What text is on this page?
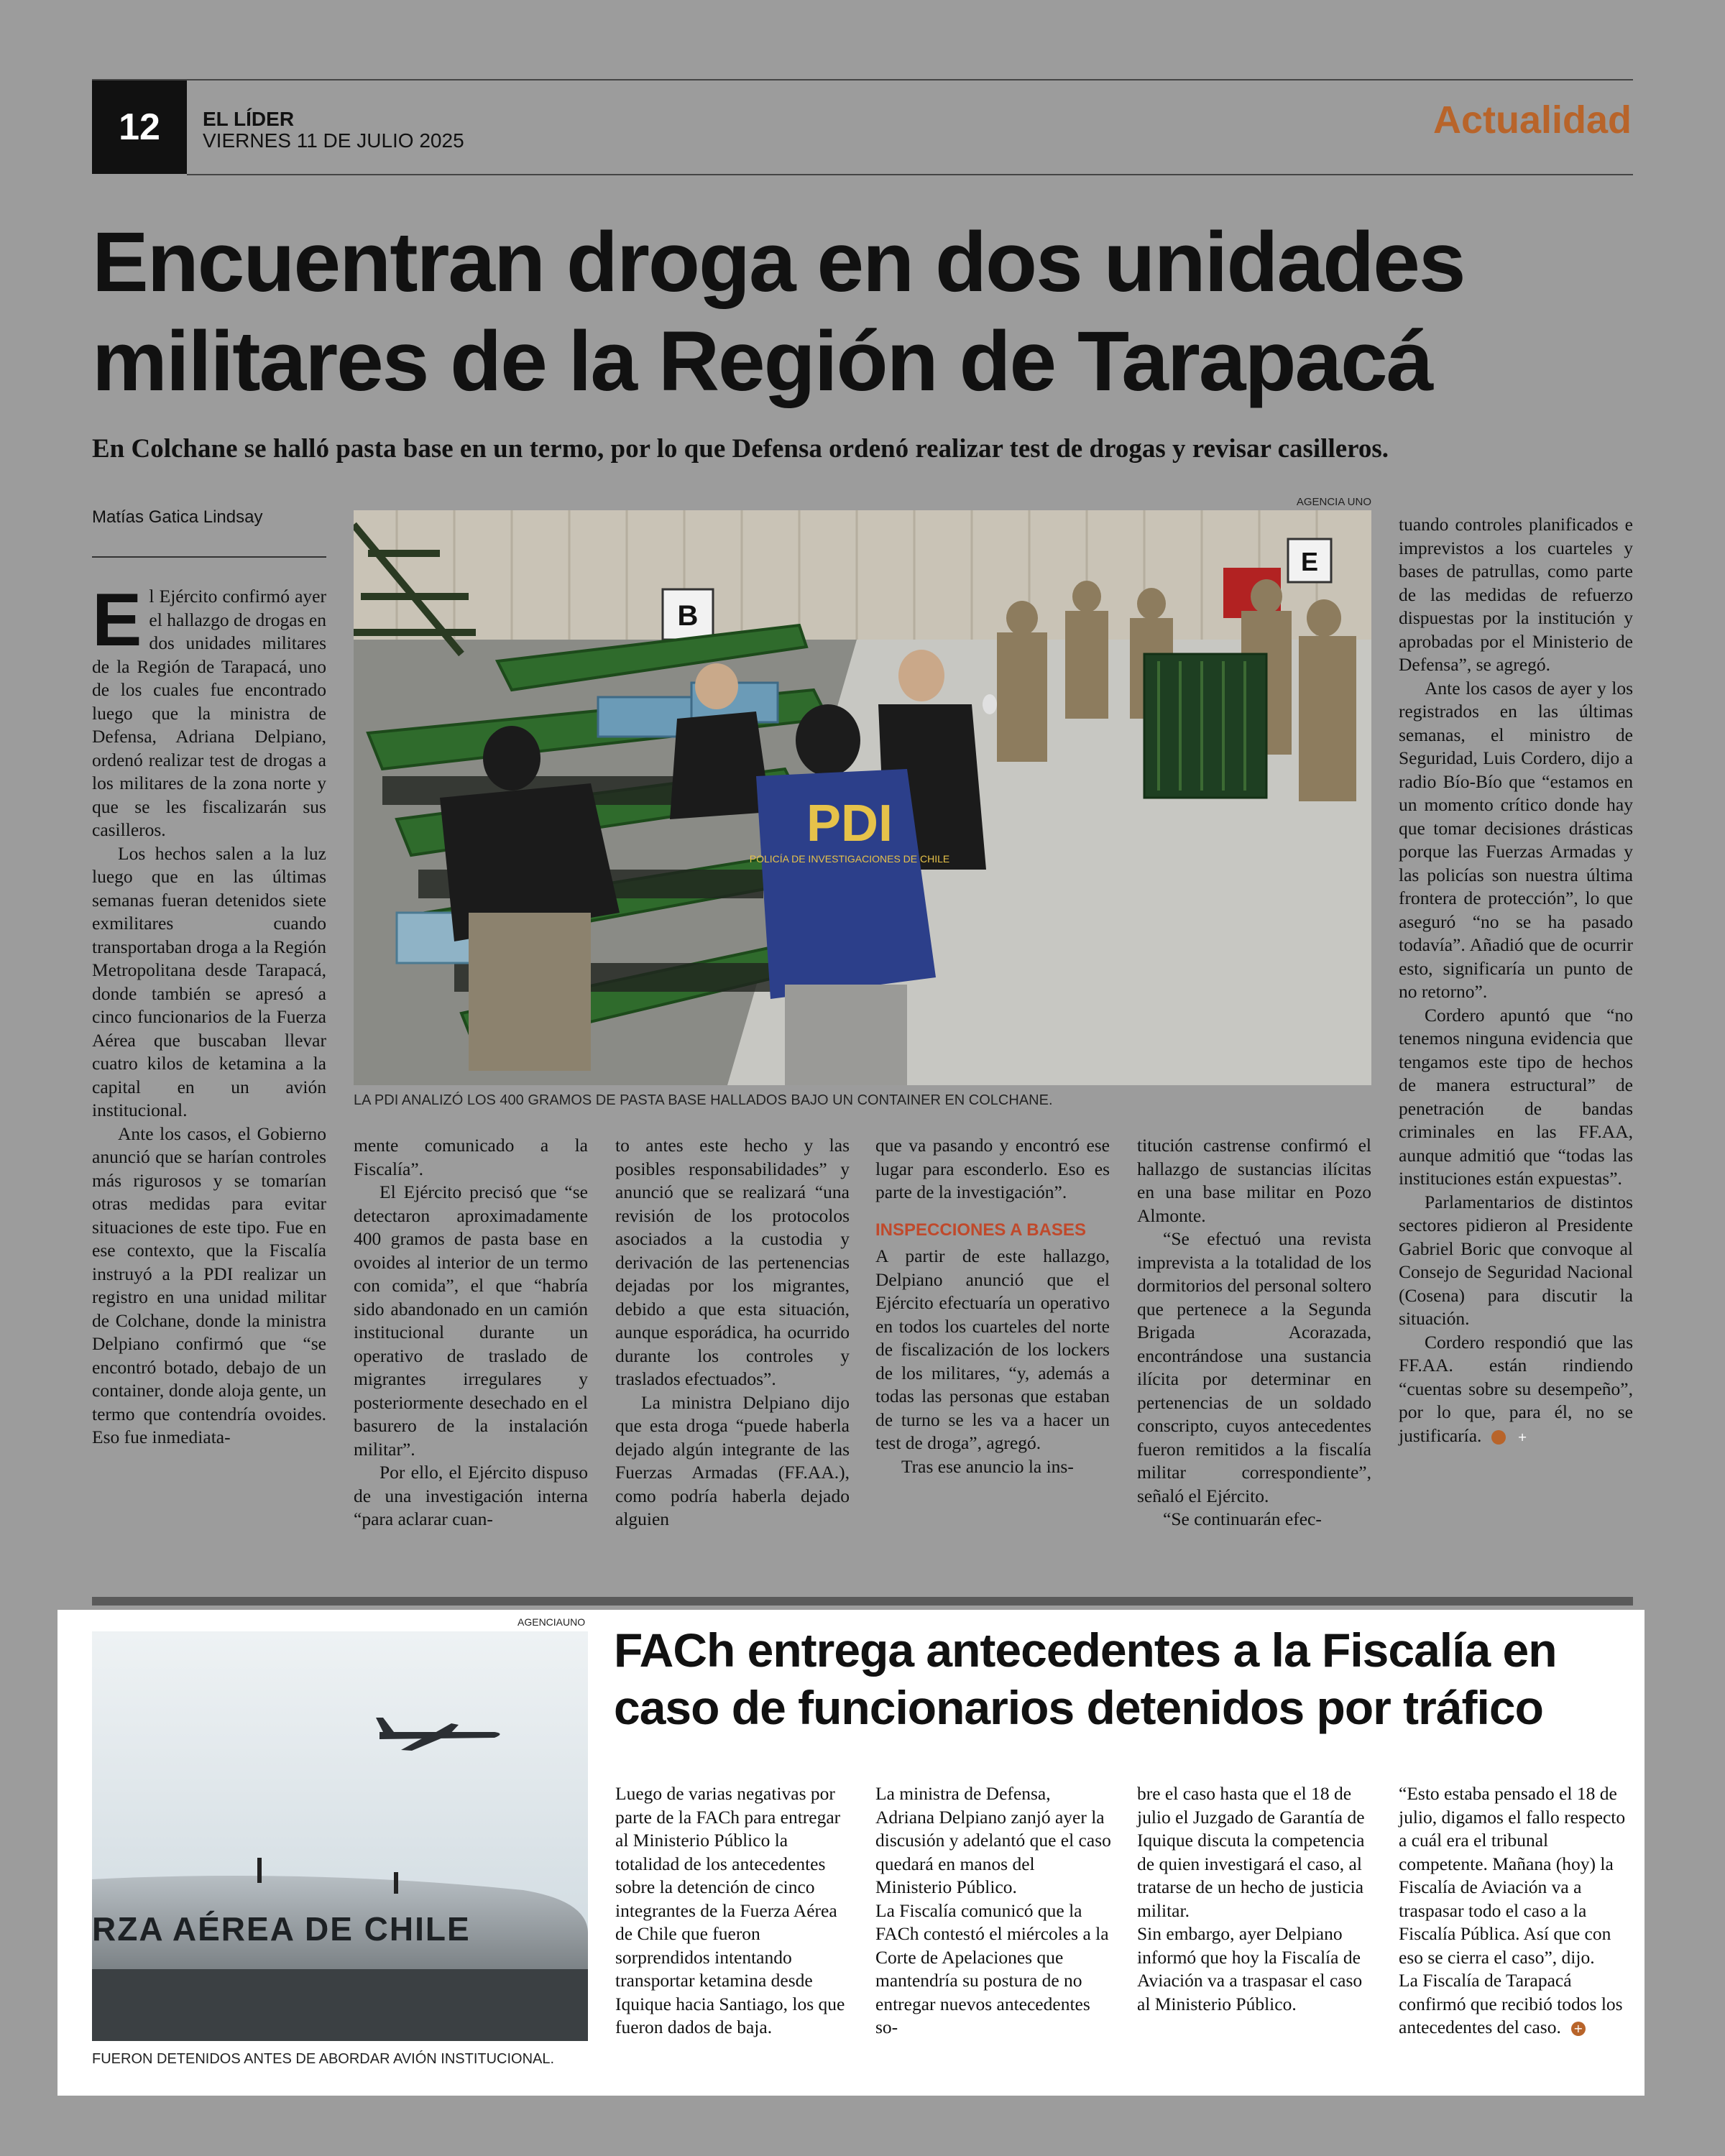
12	EL LÍDER
VIERNES 11 DE JULIO 2025	Actualidad
Encuentran droga en dos unidades
militares de la Región de Tarapacá
En Colchane se halló pasta base en un termo, por lo que Defensa ordenó realizar test de drogas y revisar casilleros.
Matías Gatica Lindsay
AGENCIA UNO
B
E
PDI
POLICÍA DE INVESTIGACIONES DE CHILE
LA PDI ANALIZÓ LOS 400 GRAMOS DE PASTA BASE HALLADOS BAJO UN CONTAINER EN COLCHANE.

El Ejército confirmó ayer el hallazgo de drogas en dos unidades militares de la Región de Tarapacá, uno de los cuales fue encontrado luego que la ministra de Defensa, Adriana Delpiano, ordenó realizar test de drogas a los militares de la zona norte y que se les fiscalizarán sus casilleros.

Los hechos salen a la luz luego que en las últimas semanas fueran detenidos siete exmilitares cuando transportaban droga a la Región Metropolitana desde Tarapacá, donde también se apresó a cinco funcionarios de la Fuerza Aérea que buscaban llevar cuatro kilos de ketamina a la capital en un avión institucional.

Ante los casos, el Gobierno anunció que se harían controles más rigurosos y se tomarían otras medidas para evitar situaciones de este tipo. Fue en ese contexto, que la Fiscalía instruyó a la PDI realizar un registro en una unidad militar de Colchane, donde la ministra Delpiano confirmó que “se encontró botado, debajo de un container, donde aloja gente, un termo que contendría ovoides. Eso fue inmediata-

mente comunicado a la Fiscalía”.

El Ejército precisó que “se detectaron aproximadamente 400 gramos de pasta base en ovoides al interior de un termo con comida”, el que “habría sido abandonado en un camión institucional durante un operativo de traslado de migrantes irregulares y posteriormente desechado en el basurero de la instalación militar”.

Por ello, el Ejército dispuso de una investigación interna “para aclarar cuan-

to antes este hecho y las posibles responsabilidades” y anunció que se realizará “una revisión de los protocolos asociados a la custodia y derivación de las pertenencias dejadas por los migrantes, debido a que esta situación, aunque esporádica, ha ocurrido durante los controles y traslados efectuados”.

La ministra Delpiano dijo que esta droga “puede haberla dejado algún integrante de las Fuerzas Armadas (FF.AA.), como podría haberla dejado alguien

que va pasando y encontró ese lugar para esconderlo. Eso es parte de la investigación”.

INSPECCIONES A BASES

A partir de este hallazgo, Delpiano anunció que el Ejército efectuaría un operativo en todos los cuarteles del norte de fiscalización de los lockers de los militares, “y, además a todas las personas que estaban de turno se les va a hacer un test de droga”, agregó.

Tras ese anuncio la ins-

titución castrense confirmó el hallazgo de sustancias ilícitas en una base militar en Pozo Almonte.

“Se efectuó una revista imprevista a la totalidad de los dormitorios del personal soltero que pertenece a la Segunda Brigada Acorazada, encontrándose una sustancia ilícita por determinar en pertenencias de un soldado conscripto, cuyos antecedentes fueron remitidos a la fiscalía militar correspondiente”, señaló el Ejército.

“Se continuarán efec-

tuando controles planificados e imprevistos a los cuarteles y bases de patrullas, como parte de las medidas de refuerzo dispuestas por la institución y aprobadas por el Ministerio de Defensa”, se agregó.

Ante los casos de ayer y los registrados en las últimas semanas, el ministro de Seguridad, Luis Cordero, dijo a radio Bío-Bío que “estamos en un momento crítico donde hay que tomar decisiones drásticas porque las Fuerzas Armadas y las policías son nuestra última frontera de protección”, lo que aseguró “no se ha pasado todavía”. Añadió que de ocurrir esto, significaría un punto de no retorno”.

Cordero apuntó que “no tenemos ninguna evidencia que tengamos este tipo de hechos de manera estructural” de penetración de bandas criminales en las FF.AA, aunque admitió que “todas las instituciones están expuestas”.

Parlamentarios de distintos sectores pidieron al Presidente Gabriel Boric que convoque al Consejo de Seguridad Nacional (Cosena) para discutir la situación.

Cordero respondió que las FF.AA. están rindiendo “cuentas sobre su desempeño”, por lo que, para él, no se justificaría.	+

AGENCIAUNO
RZA AÉREA DE CHILE
FUERON DETENIDOS ANTES DE ABORDAR AVIÓN INSTITUCIONAL.
FACh entrega antecedentes a la Fiscalía en
caso de funcionarios detenidos por tráfico

Luego de varias negativas por parte de la FACh para entregar al Ministerio Público la totalidad de los antecedentes sobre la detención de cinco integrantes de la Fuerza Aérea de Chile que fueron sorprendidos intentando transportar ketamina desde Iquique hacia Santiago, los que fueron dados de baja.

La ministra de Defensa, Adriana Delpiano zanjó ayer la discusión y adelantó que el caso quedará en manos del Ministerio Público.

La Fiscalía comunicó que la FACh contestó el miércoles a la Corte de Apelaciones que mantendría su postura de no entregar nuevos antecedentes so-

bre el caso hasta que el 18 de julio el Juzgado de Garantía de Iquique discuta la competencia de quien investigará el caso, al tratarse de un hecho de justicia militar.

Sin embargo, ayer Delpiano informó que hoy la Fiscalía de Aviación va a traspasar el caso al Ministerio Público.

“Esto estaba pensado el 18 de julio, digamos el fallo respecto a cuál era el tribunal competente. Mañana (hoy) la Fiscalía de Aviación va a traspasar todo el caso a la Fiscalía Pública. Así que con eso se cierra el caso”, dijo.

La Fiscalía de Tarapacá confirmó que recibió todos los antecedentes del caso. +
